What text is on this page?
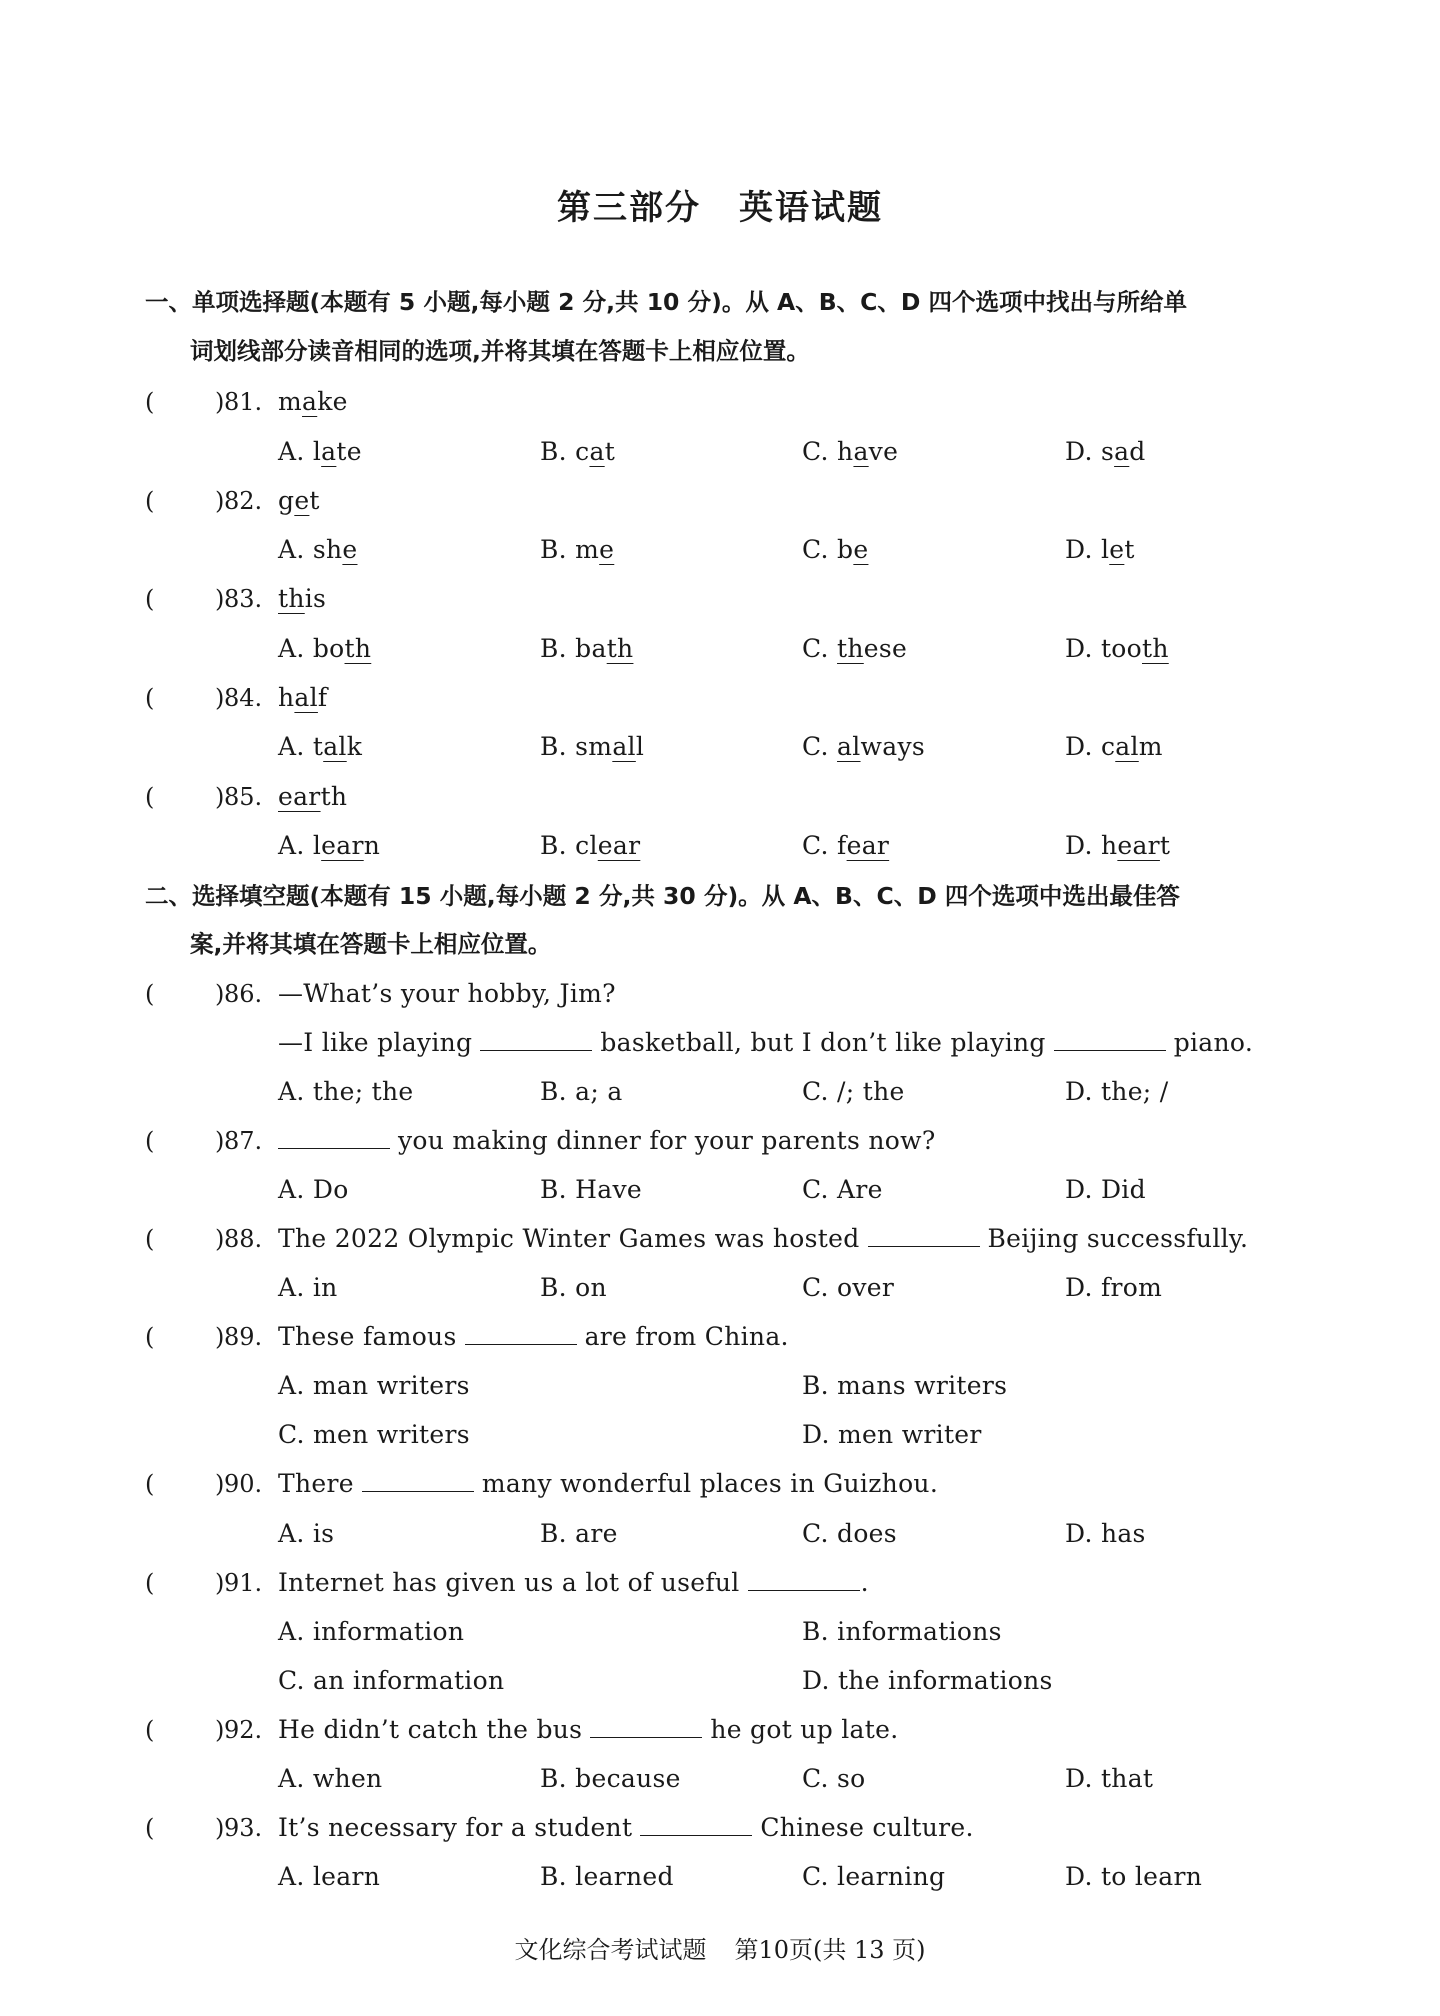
第三部分 英语试题
一、单项选择题(本题有 5 小题,每小题 2 分,共 10 分)。从 A、B、C、D 四个选项中找出与所给单
词划线部分读音相同的选项,并将其填在答题卡上相应位置。
(	) 81. make
A. late	B. cat	C. have	D. sad
(	) 82. get
A. she	B. me	C. be	D. let
(	) 83. this
A. both	B. bath	C. these	D. tooth
(	) 84. half
A. talk	B. small	C. always	D. calm
(	) 85. earth
A. learn	B. clear	C. fear	D. heart
二、选择填空题(本题有 15 小题,每小题 2 分,共 30 分)。从 A、B、C、D 四个选项中选出最佳答
案,并将其填在答题卡上相应位置。
(	) 86. —What’s your hobby, Jim?
—I like playing	basketball, but I don’t like playing	piano.
A. the; the	B. a; a	C. /; the	D. the; /
(	) 87.	you making dinner for your parents now?
A. Do	B. Have	C. Are	D. Did
(	) 88. The 2022 Olympic Winter Games was hosted	Beijing successfully.
A. in	B. on	C. over	D. from
(	) 89. These famous	are from China.
A. man writers	B. mans writers
C. men writers	D. men writer
(	) 90. There	many wonderful places in Guizhou.
A. is	B. are	C. does	D. has
(	) 91. Internet has given us a lot of useful	.
A. information	B. informations
C. an information	D. the informations
(	) 92. He didn’t catch the bus	he got up late.
A. when	B. because	C. so	D. that
(	) 93. It’s necessary for a student	Chinese culture.
A. learn	B. learned	C. learning	D. to learn
文化综合考试试题 第10页(共 13 页)
